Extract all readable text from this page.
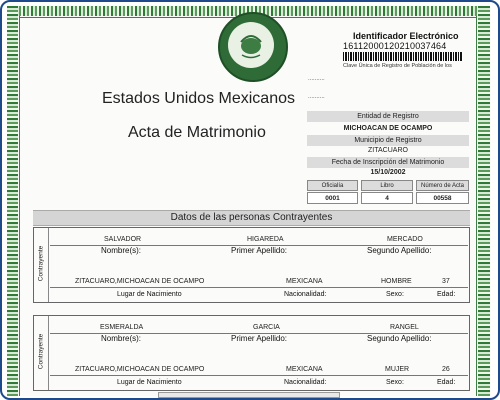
Identificador Electrónico
16112000120210037464
Clave Única de Registro de Población de los
..........
..........
Estados Unidos Mexicanos
Acta de Matrimonio
Entidad de Registro
MICHOACAN DE OCAMPO
Municipio de Registro
ZITACUARO
Fecha de Inscripción del Matrimonio
15/10/2002
Oficialía	Libro	Número de Acta
0001	4	00558
Datos de las personas Contrayentes
Contrayente
SALVADOR	HIGAREDA	MERCADO
Nombre(s):	Primer Apellido:	Segundo Apellido:
ZITACUARO,MICHOACAN DE OCAMPO	MEXICANA	HOMBRE	37
Lugar de Nacimiento	Nacionalidad:	Sexo:	Edad:
Contrayente
ESMERALDA	GARCIA	RANGEL
Nombre(s):	Primer Apellido:	Segundo Apellido:
ZITACUARO,MICHOACAN DE OCAMPO	MEXICANA	MUJER	26
Lugar de Nacimiento	Nacionalidad:	Sexo:	Edad:
